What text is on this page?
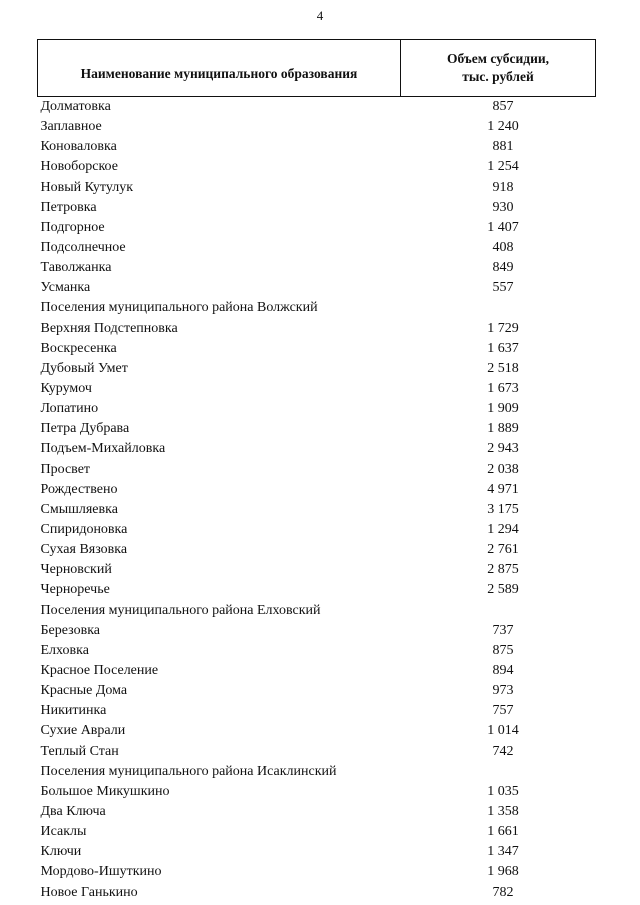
4
Наименование муниципального образования	Объем субсидии,
тыс. рублей

Долматовка	857
Заплавное	1 240
Коноваловка	881
Новоборское	1 254
Новый Кутулук	918
Петровка	930
Подгорное	1 407
Подсолнечное	408
Таволжанка	849
Усманка	557
Поселения муниципального района Волжский	
Верхняя Подстепновка	1 729
Воскресенка	1 637
Дубовый Умет	2 518
Курумоч	1 673
Лопатино	1 909
Петра Дубрава	1 889
Подъем-Михайловка	2 943
Просвет	2 038
Рождествено	4 971
Смышляевка	3 175
Спиридоновка	1 294
Сухая Вязовка	2 761
Черновский	2 875
Черноречье	2 589
Поселения муниципального района Елховский	
Березовка	737
Елховка	875
Красное Поселение	894
Красные Дома	973
Никитинка	757
Сухие Аврали	1 014
Теплый Стан	742
Поселения муниципального района Исаклинский	
Большое Микушкино	1 035
Два Ключа	1 358
Исаклы	1 661
Ключи	1 347
Мордово-Ишуткино	1 968
Новое Ганькино	782
